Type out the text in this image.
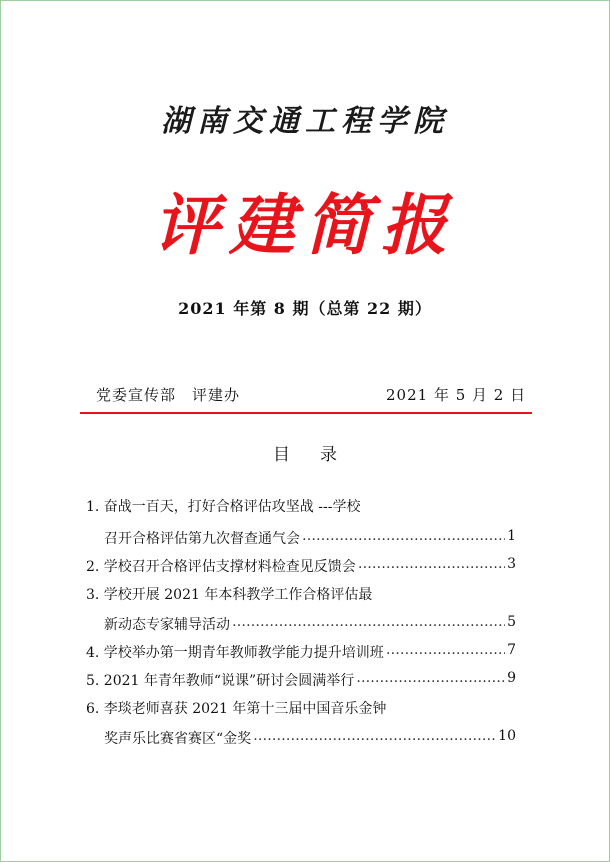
湖南交通工程学院
评建简报
2021 年第 8 期（总第 22 期）
党委宣传部　评建办	2021 年 5 月 2 日
目录
1. 奋战一百天，打好合格评估攻坚战 ---学校
召开合格评估第九次督查通气会 …………………………………………………………………………………………………	1
2. 学校召开合格评估支撑材料检查见反馈会 …………………………………………………………………………………………………	3
3. 学校开展 2021 年本科教学工作合格评估最
新动态专家辅导活动 …………………………………………………………………………………………………	5
4. 学校举办第一期青年教师教学能力提升培训班 …………………………………………………………………………………………………	7
5. 2021 年青年教师“说课”研讨会圆满举行 …………………………………………………………………………………………………	9
6. 李琰老师喜获 2021 年第十三届中国音乐金钟
奖声乐比赛省赛区“金奖 …………………………………………………………………………………………………	10
